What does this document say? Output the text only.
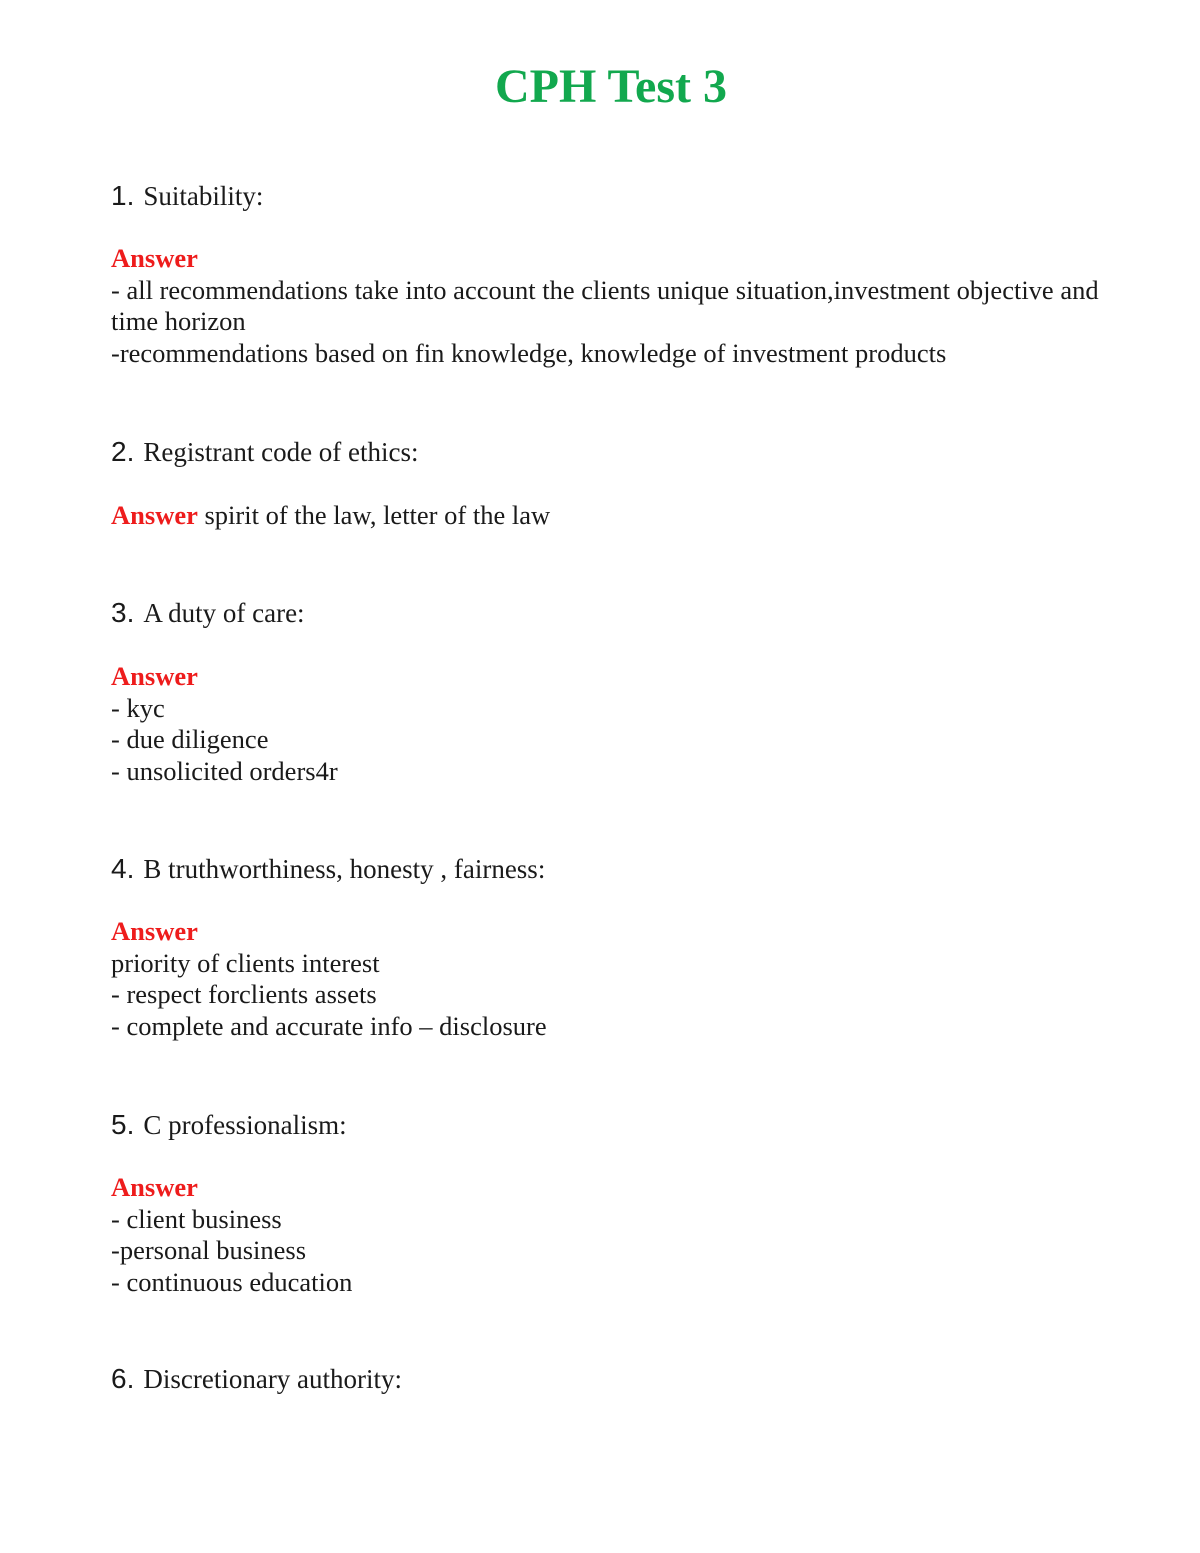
CPH Test 3
1. Suitability:
Answer
- all recommendations take into account the clients unique situation,investment objective and time horizon
-recommendations based on fin knowledge, knowledge of investment products
2. Registrant code of ethics:
Answer spirit of the law, letter of the law
3. A duty of care:
Answer
- kyc
- due diligence
- unsolicited orders4r
4. B truthworthiness, honesty , fairness:
Answer
priority of clients interest
- respect forclients assets
- complete and accurate info – disclosure
5. C professionalism:
Answer
- client business
-personal business
- continuous education
6. Discretionary authority:
